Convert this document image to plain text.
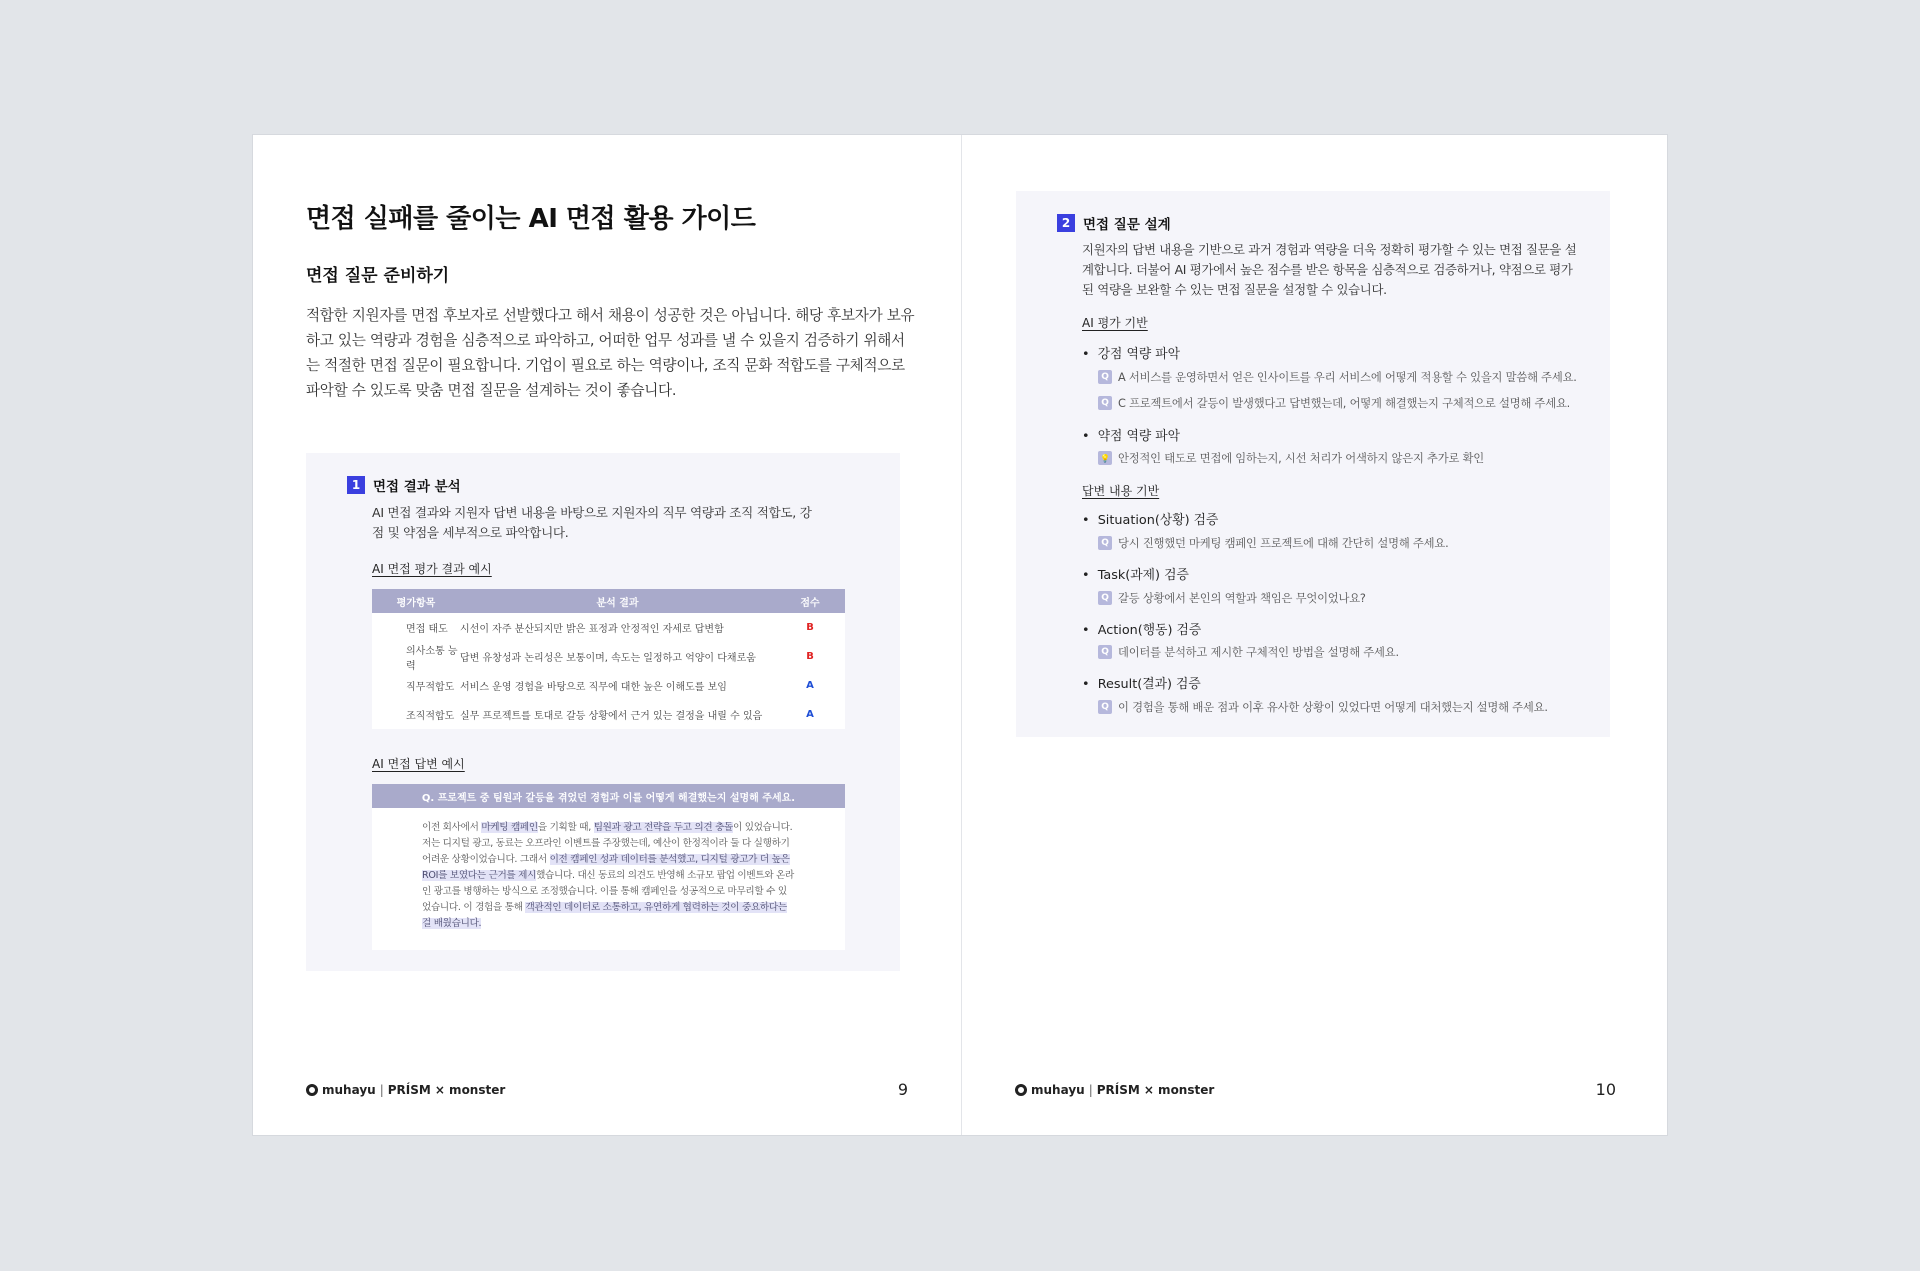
면접 실패를 줄이는 AI 면접 활용 가이드
면접 질문 준비하기
적합한 지원자를 면접 후보자로 선발했다고 해서 채용이 성공한 것은 아닙니다. 해당 후보자가 보유하고 있는 역량과 경험을 심층적으로 파악하고, 어떠한 업무 성과를 낼 수 있을지 검증하기 위해서는 적절한 면접 질문이 필요합니다. 기업이 필요로 하는 역량이나, 조직 문화 적합도를 구체적으로 파악할 수 있도록 맞춤 면접 질문을 설계하는 것이 좋습니다.
1 면접 결과 분석
AI 면접 결과와 지원자 답변 내용을 바탕으로 지원자의 직무 역량과 조직 적합도, 강점 및 약점을 세부적으로 파악합니다.
AI 면접 평가 결과 예시
평가항목	분석 결과	점수
면접 태도	시선이 자주 분산되지만 밝은 표정과 안정적인 자세로 답변함	B
의사소통 능력	답변 유창성과 논리성은 보통이며, 속도는 일정하고 억양이 다채로움	B
직무적합도	서비스 운영 경험을 바탕으로 직무에 대한 높은 이해도를 보임	A
조직적합도	실무 프로젝트를 토대로 갈등 상황에서 근거 있는 결정을 내릴 수 있음	A
AI 면접 답변 예시
Q. 프로젝트 중 팀원과 갈등을 겪었던 경험과 이를 어떻게 해결했는지 설명해 주세요.
이전 회사에서 마케팅 캠페인을 기획할 때, 팀원과 광고 전략을 두고 의견 충돌이 있었습니다. 저는 디지털 광고, 동료는 오프라인 이벤트를 주장했는데, 예산이 한정적이라 둘 다 실행하기 어려운 상황이었습니다. 그래서 이전 캠페인 성과 데이터를 분석했고, 디지털 광고가 더 높은 ROI를 보였다는 근거를 제시했습니다. 대신 동료의 의견도 반영해 소규모 팝업 이벤트와 온라인 광고를 병행하는 방식으로 조정했습니다. 이를 통해 캠페인을 성공적으로 마무리할 수 있었습니다. 이 경험을 통해 객관적인 데이터로 소통하고, 유연하게 협력하는 것이 중요하다는 걸 배웠습니다.
muhayu | PRÍSM × monster	9
2 면접 질문 설계
지원자의 답변 내용을 기반으로 과거 경험과 역량을 더욱 정확히 평가할 수 있는 면접 질문을 설계합니다. 더불어 AI 평가에서 높은 점수를 받은 항목을 심층적으로 검증하거나, 약점으로 평가된 역량을 보완할 수 있는 면접 질문을 설정할 수 있습니다.
AI 평가 기반
•  강점 역량 파악
Q A 서비스를 운영하면서 얻은 인사이트를 우리 서비스에 어떻게 적용할 수 있을지 말씀해 주세요.
Q C 프로젝트에서 갈등이 발생했다고 답변했는데, 어떻게 해결했는지 구체적으로 설명해 주세요.
•  약점 역량 파악
💡 안정적인 태도로 면접에 임하는지, 시선 처리가 어색하지 않은지 추가로 확인
답변 내용 기반
•  Situation(상황) 검증
Q 당시 진행했던 마케팅 캠페인 프로젝트에 대해 간단히 설명해 주세요.
•  Task(과제) 검증
Q 갈등 상황에서 본인의 역할과 책임은 무엇이었나요?
•  Action(행동) 검증
Q 데이터를 분석하고 제시한 구체적인 방법을 설명해 주세요.
•  Result(결과) 검증
Q 이 경험을 통해 배운 점과 이후 유사한 상황이 있었다면 어떻게 대처했는지 설명해 주세요.
muhayu | PRÍSM × monster	10
